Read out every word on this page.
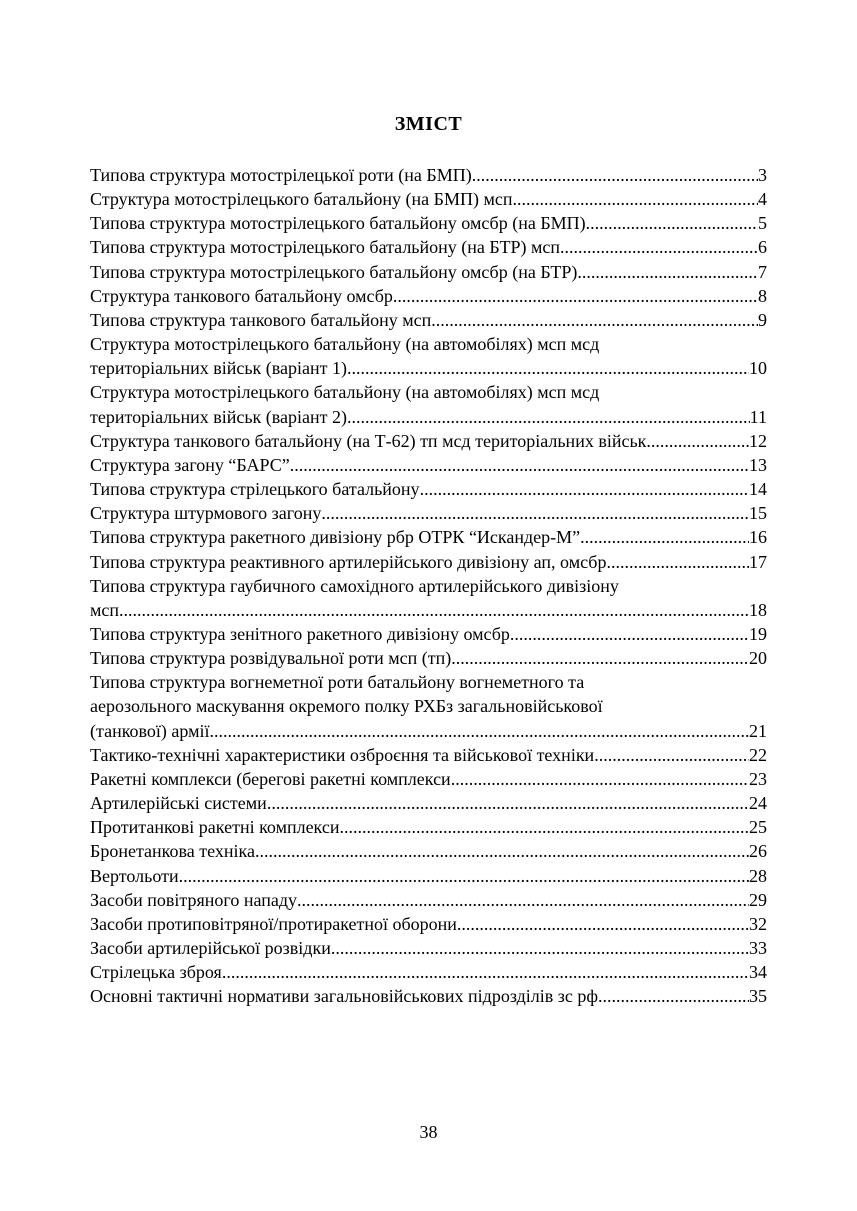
ЗМІСТ
Типова структура мотострілецької роти (на БМП) .....	3
Структура мотострілецького батальйону (на БМП) мсп .....	4
Типова структура мотострілецького батальйону омсбр (на БМП) .....	5
Типова структура мотострілецького батальйону (на БТР) мсп .....	6
Типова структура мотострілецького батальйону омсбр (на БТР) .....	7
Структура танкового батальйону омсбр .....	8
Типова структура танкового батальйону мсп. .....	9
Структура мотострілецького батальйону (на автомобілях) мсп мсд
територіальних військ (варіант 1) .....	10
Структура мотострілецького батальйону (на автомобілях) мсп мсд
територіальних військ (варіант 2) .....	11
Структура танкового батальйону (на Т-62) тп мсд територіальних військ .....	12
Структура загону “БАРС” .....	13
Типова структура стрілецького батальйону .....	14
Структура штурмового загону .....	15
Типова структура ракетного дивізіону рбр ОТРК “Искандер-М” .....	16
Типова структура реактивного артилерійського дивізіону ап, омсбр .....	17
Типова структура гаубичного самохідного артилерійського дивізіону
мсп .....	18
Типова структура зенітного ракетного дивізіону омсбр .....	19
Типова структура розвідувальної роти мсп (тп) .....	20
Типова структура вогнеметної роти батальйону вогнеметного та
аерозольного маскування окремого полку РХБз загальновійськової
(танкової) армії .....	21
Тактико-технічні характеристики озброєння та військової техніки .....	22
Ракетні комплекси (берегові ракетні комплекси .....	23
Артилерійські системи .....	24
Протитанкові ракетні комплекси .....	25
Бронетанкова техніка .....	26
Вертольоти .....	28
Засоби повітряного нападу .....	29
Засоби протиповітряної/протиракетної оборони .....	32
Засоби артилерійської розвідки .....	33
Стрілецька зброя .....	34
Основні тактичні нормативи загальновійськових підрозділів зс рф .....	35
38
